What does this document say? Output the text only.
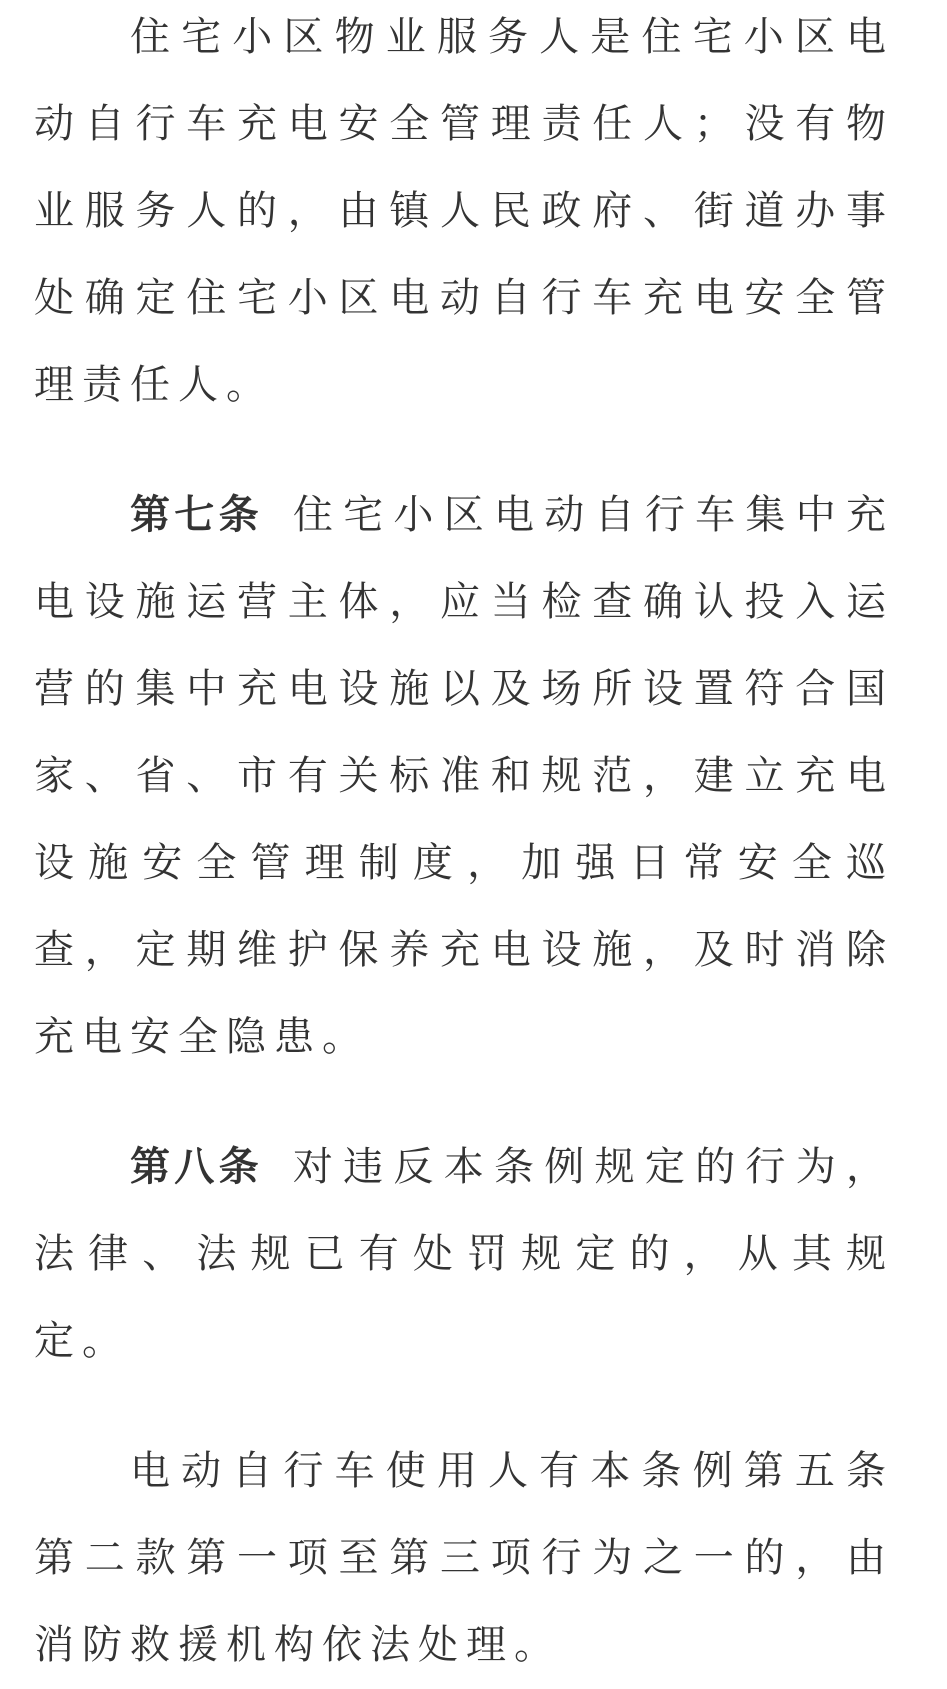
住宅小区物业服务人是住宅小区电动自行车充电安全管理责任人；没有物业服务人的，由镇人民政府、街道办事处确定住宅小区电动自行车充电安全管理责任人。

第七条 住宅小区电动自行车集中充电设施运营主体，应当检查确认投入运营的集中充电设施以及场所设置符合国家、省、市有关标准和规范，建立充电设施安全管理制度，加强日常安全巡查，定期维护保养充电设施，及时消除充电安全隐患。

第八条 对违反本条例规定的行为，法律、法规已有处罚规定的，从其规定。

电动自行车使用人有本条例第五条第二款第一项至第三项行为之一的，由消防救援机构依法处理。
